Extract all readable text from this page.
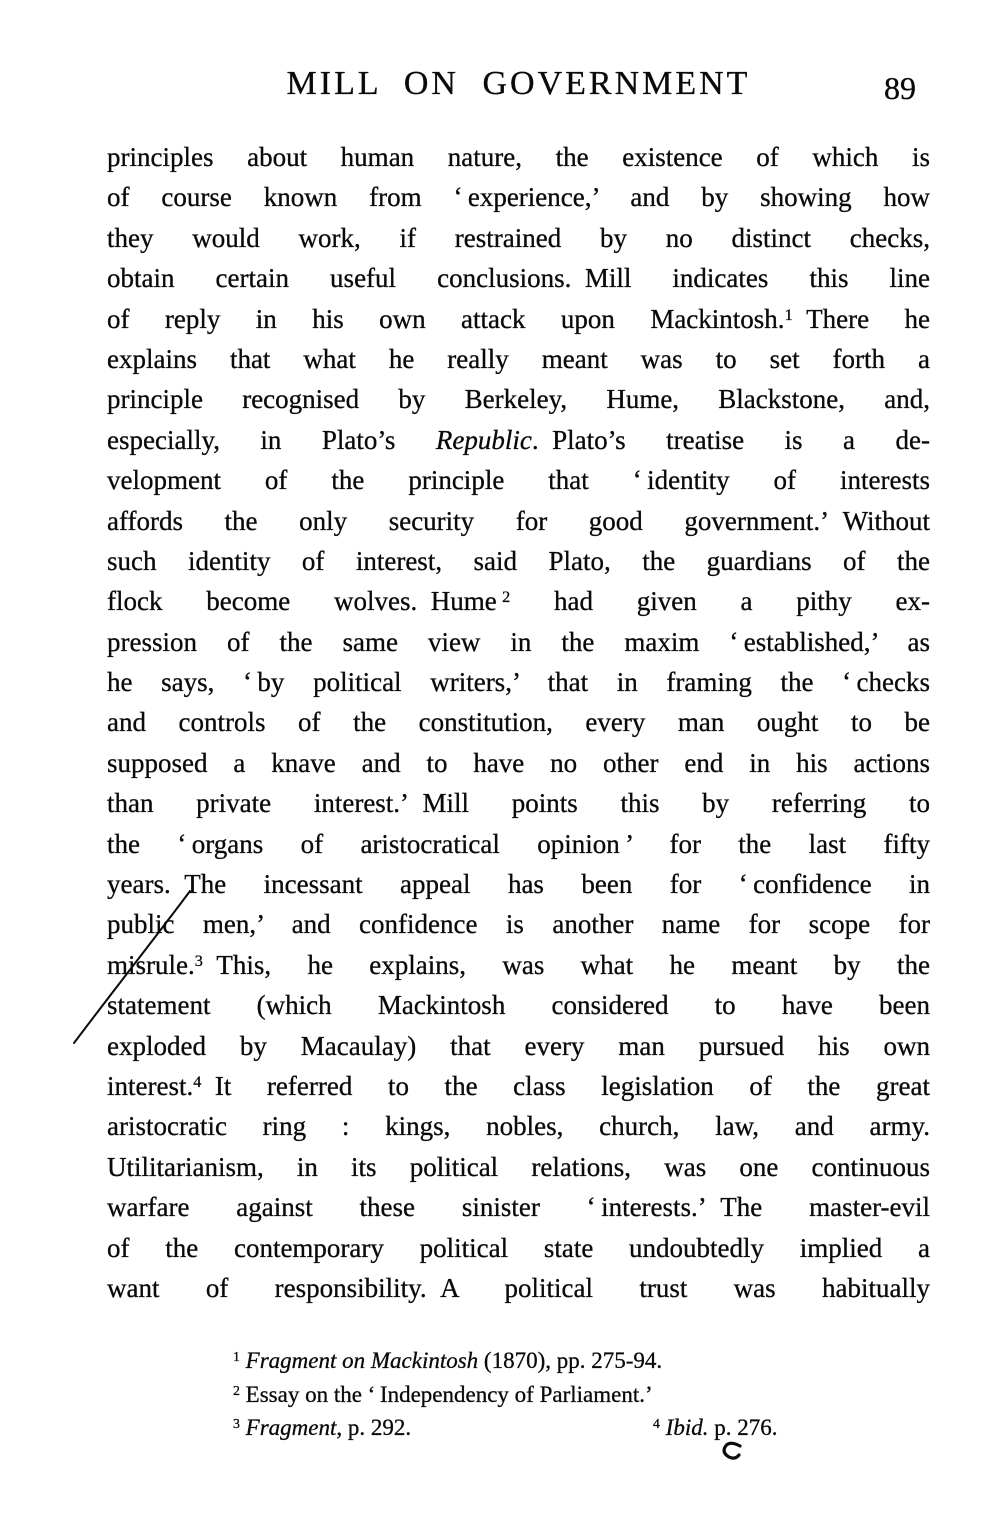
MILL ON GOVERNMENT	89
principles about human nature, the existence of which is
of course known from ‘ experience,’ and by showing how
they would work, if restrained by no distinct checks,
obtain certain useful conclusions. Mill indicates this line
of reply in his own attack upon Mackintosh.$^1$ There he
explains that what he really meant was to set forth a
principle recognised by Berkeley, Hume, Blackstone, and,
especially, in Plato’s Republic. Plato’s treatise is a de-
velopment of the principle that ‘ identity of interests
affords the only security for good government.’ Without
such identity of interest, said Plato, the guardians of the
flock become wolves. Hume $^2$ had given a pithy ex-
pression of the same view in the maxim ‘ established,’ as
he says, ‘ by political writers,’ that in framing the ‘ checks
and controls of the constitution, every man ought to be
supposed a knave and to have no other end in his actions
than private interest.’ Mill points this by referring to
the ‘ organs of aristocratical opinion ’ for the last fifty
years. The incessant appeal has been for ‘ confidence in
public men,’ and confidence is another name for scope for
misrule.$^3$ This, he explains, was what he meant by the
statement (which Mackintosh considered to have been
exploded by Macaulay) that every man pursued his own
interest.$^4$ It referred to the class legislation of the great
aristocratic ring : kings, nobles, church, law, and army.
Utilitarianism, in its political relations, was one continuous
warfare against these sinister ‘ interests.’ The master-evil
of the contemporary political state undoubtedly implied a
want of responsibility. A political trust was habitually
$^1$ Fragment on Mackintosh (1870), pp. 275-94.
$^2$ Essay on the ‘ Independency of Parliament.’
$^3$ Fragment, p. 292.	$^4$ Ibid. p. 276.
